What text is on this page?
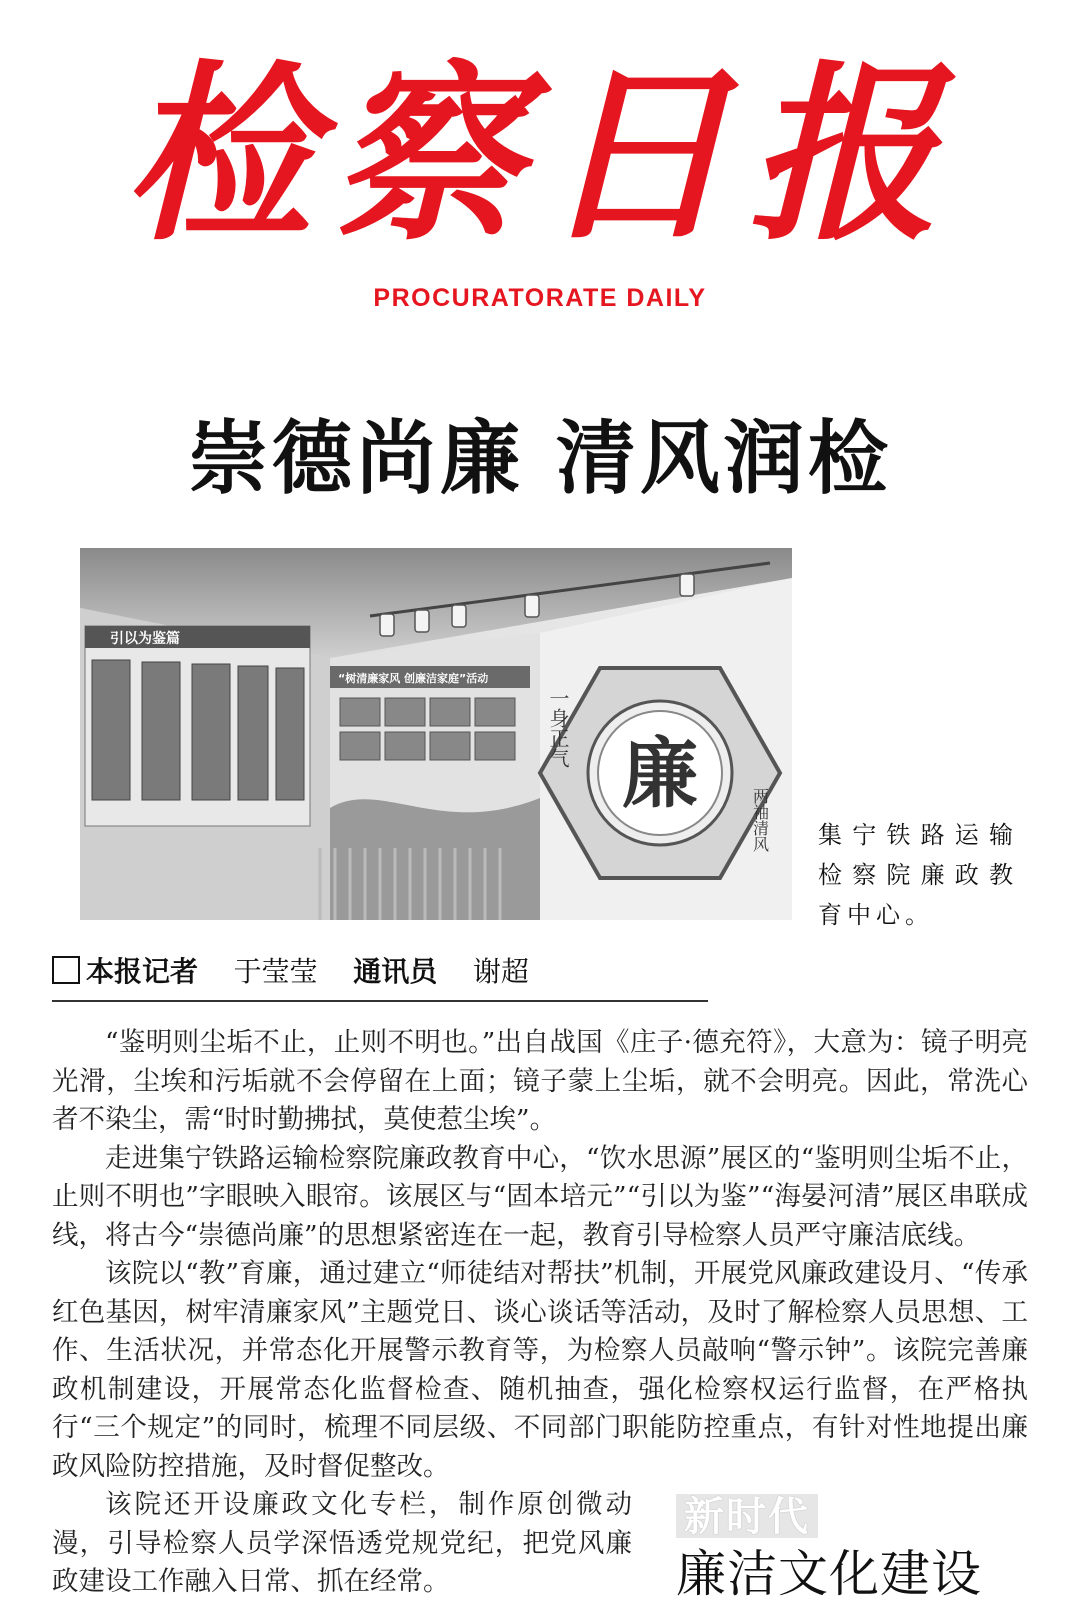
检察日报
PROCURATORATE DAILY
崇德尚廉 清风润检
引以为鉴篇
“树清廉家风 创廉洁家庭”活动
廉
一身正气
两袖清风 集宁铁路运输检察院廉政教育中心。
本报记者 于莹莹 通讯员 谢超

“鉴明则尘垢不止，止则不明也。”出自战国《庄子·德充符》，大意为：镜子明亮光滑，尘埃和污垢就不会停留在上面；镜子蒙上尘垢，就不会明亮。因此，常洗心者不染尘，需“时时勤拂拭，莫使惹尘埃”。

走进集宁铁路运输检察院廉政教育中心，“饮水思源”展区的“鉴明则尘垢不止，止则不明也”字眼映入眼帘。该展区与“固本培元”“引以为鉴”“海晏河清”展区串联成线，将古今“崇德尚廉”的思想紧密连在一起，教育引导检察人员严守廉洁底线。

该院以“教”育廉，通过建立“师徒结对帮扶”机制，开展党风廉政建设月、“传承红色基因，树牢清廉家风”主题党日、谈心谈话等活动，及时了解检察人员思想、工作、生活状况，并常态化开展警示教育等，为检察人员敲响“警示钟”。该院完善廉政机制建设，开展常态化监督检查、随机抽查，强化检察权运行监督，在严格执行“三个规定”的同时，梳理不同层级、不同部门职能防控重点，有针对性地提出廉政风险防控措施，及时督促整改。

该院还开设廉政文化专栏，制作原创微动漫，引导检察人员学深悟透党规党纪，把党风廉政建设工作融入日常、抓在经常。

新时代
廉洁文化建设
